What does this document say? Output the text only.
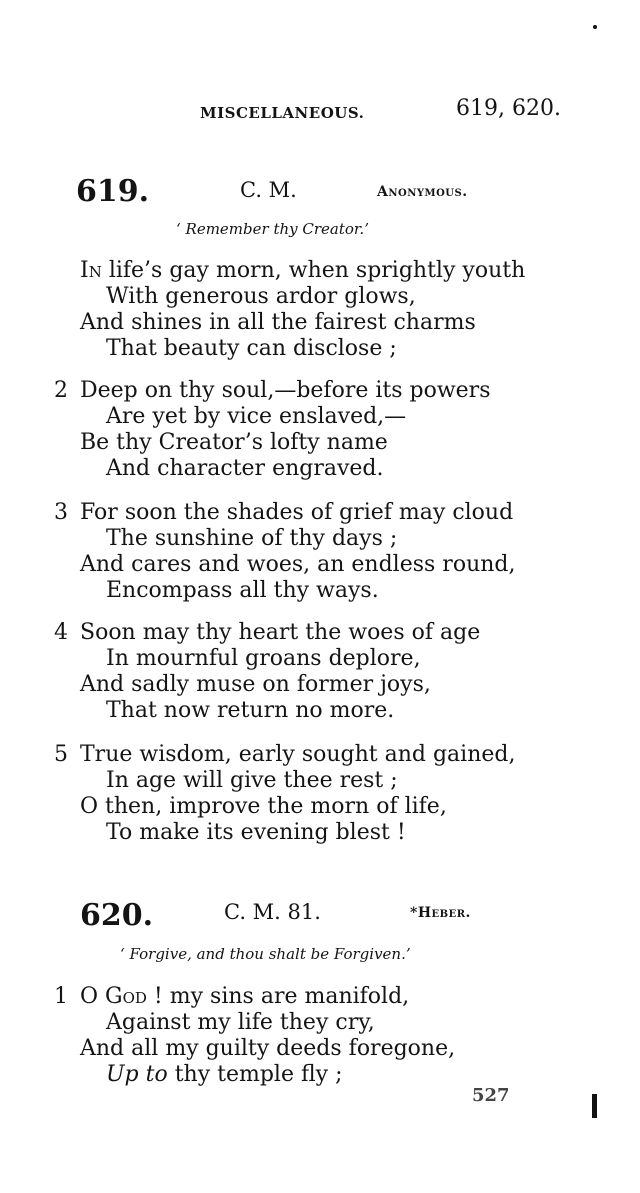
MISCELLANEOUS.	619, 620.
619.	C. M.	Anonymous.
‘ Remember thy Creator.’
In life’s gay morn, when sprightly youth
With generous ardor glows,
And shines in all the fairest charms
That beauty can disclose ;
2 Deep on thy soul,—before its powers
Are yet by vice enslaved,—
Be thy Creator’s lofty name
And character engraved.
3 For soon the shades of grief may cloud
The sunshine of thy days ;
And cares and woes, an endless round,
Encompass all thy ways.
4 Soon may thy heart the woes of age
In mournful groans deplore,
And sadly muse on former joys,
That now return no more.
5 True wisdom, early sought and gained,
In age will give thee rest ;
O then, improve the morn of life,
To make its evening blest !
620.	C. M. 81.	*Heber.
‘ Forgive, and thou shalt be Forgiven.’
1 O God ! my sins are manifold,
Against my life they cry,
And all my guilty deeds foregone,
Up to thy temple fly ;
527
